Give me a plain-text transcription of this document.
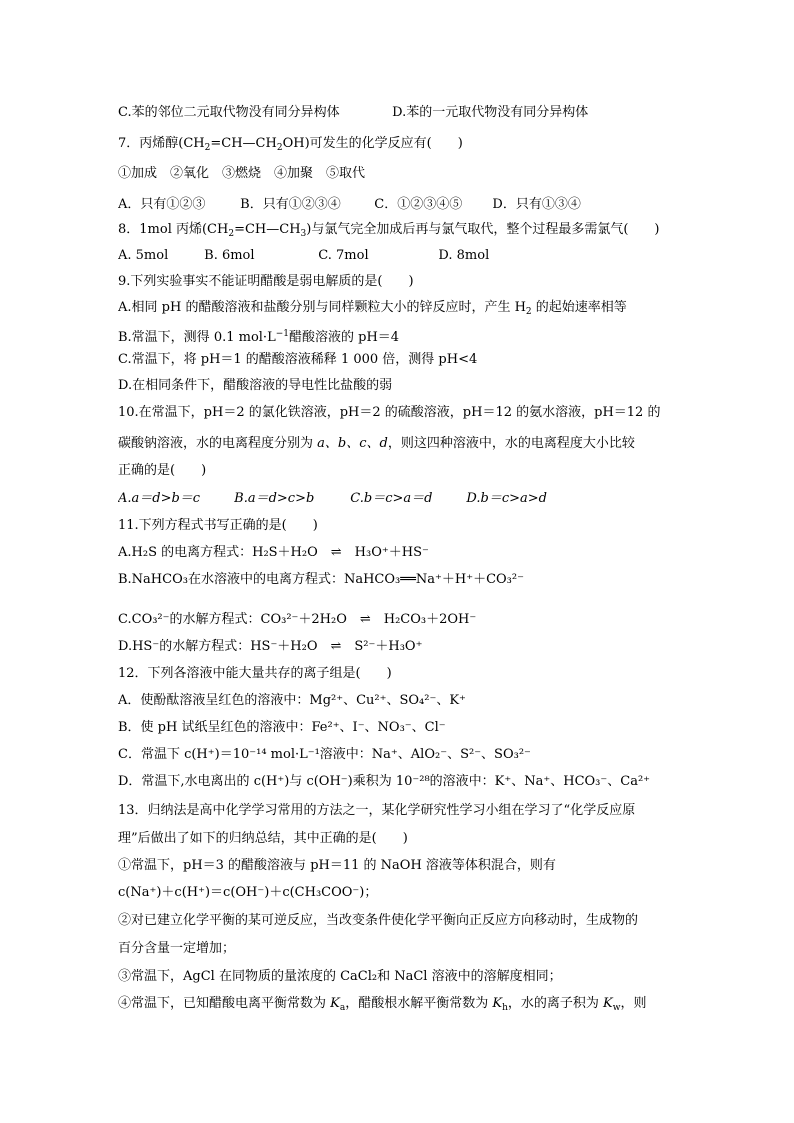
C.苯的邻位二元取代物没有同分异构体	D.苯的一元取代物没有同分异构体
7．丙烯醇$(CH_2=CH—CH_2OH)$可发生的化学反应有(　　)
①加成　②氧化　③燃烧　④加聚　⑤取代
A．只有①②③	B．只有①②③④	C．①②③④⑤ D．只有①③④
8．1mol 丙烯$(CH_2=CH—CH_3)$与氯气完全加成后再与氯气取代，整个过程最多需氯气(　　)
A. 5mol	B. 6mol	C. 7mol	D. 8mol
9.下列实验事实不能证明醋酸是弱电解质的是(　　)
A.相同 pH 的醋酸溶液和盐酸分别与同样颗粒大小的锌反应时，产生 $H_2$ 的起始速率相等
B.常温下，测得 0.1 $mol\cdot L^{-1}$醋酸溶液的 pH＝4
C.常温下，将 pH＝1 的醋酸溶液稀释 1 000 倍，测得 pH<4
D.在相同条件下，醋酸溶液的导电性比盐酸的弱
10.在常温下，pH＝2 的氯化铁溶液，pH＝2 的硫酸溶液，pH＝12 的氨水溶液，pH＝12 的
碳酸钠溶液，水的电离程度分别为 a、b、c、d，则这四种溶液中，水的电离程度大小比较
正确的是(　　)
A.a＝d>b＝c	B.a＝d>c>b	C.b＝c>a＝d	D.b＝c>a>d
11.下列方程式书写正确的是(　　)
A.H₂S 的电离方程式：H₂S＋H₂O　⇌　H₃O⁺＋HS⁻
B.NaHCO₃在水溶液中的电离方程式：NaHCO₃══Na⁺＋H⁺＋CO₃²⁻
C.CO₃²⁻的水解方程式：CO₃²⁻＋2H₂O　⇌　H₂CO₃＋2OH⁻
D.HS⁻的水解方程式：HS⁻＋H₂O　⇌　S²⁻＋H₃O⁺
12．下列各溶液中能大量共存的离子组是(　　)
A．使酚酞溶液呈红色的溶液中：Mg²⁺、Cu²⁺、SO₄²⁻、K⁺
B．使 pH 试纸呈红色的溶液中：Fe²⁺、I⁻、NO₃⁻、Cl⁻
C．常温下 c(H⁺)＝10⁻¹⁴ mol·L⁻¹溶液中：Na⁺、AlO₂⁻、S²⁻、SO₃²⁻
D．常温下,水电离出的 c(H⁺)与 c(OH⁻)乘积为 10⁻²⁸的溶液中：K⁺、Na⁺、HCO₃⁻、Ca²⁺
13．归纳法是高中化学学习常用的方法之一，某化学研究性学习小组在学习了“化学反应原
理”后做出了如下的归纳总结，其中正确的是(　　)
①常温下，pH＝3 的醋酸溶液与 pH＝11 的 NaOH 溶液等体积混合，则有
c(Na⁺)＋c(H⁺)＝c(OH⁻)＋c(CH₃COO⁻)；
②对已建立化学平衡的某可逆反应，当改变条件使化学平衡向正反应方向移动时，生成物的
百分含量一定增加；
③常温下，AgCl 在同物质的量浓度的 CaCl₂和 NaCl 溶液中的溶解度相同；
④常温下，已知醋酸电离平衡常数为 $K_a$，醋酸根水解平衡常数为 $K_h$，水的离子积为 $K_w$，则
